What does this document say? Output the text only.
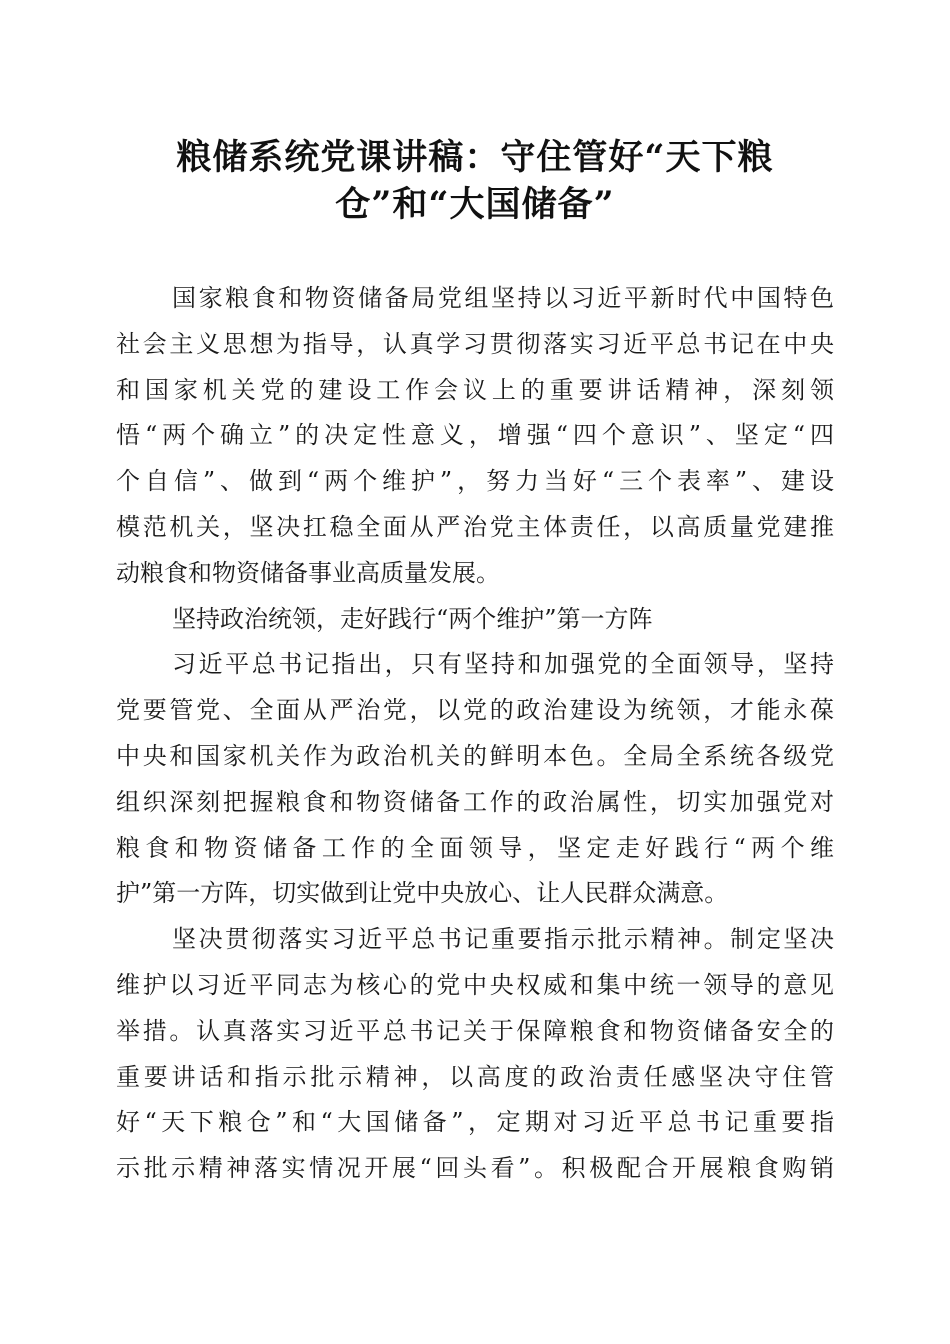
粮储系统党课讲稿：守住管好“天下粮
仓”和“大国储备”

国家粮食和物资储备局党组坚持以习近平新时代中国特色
社会主义思想为指导，认真学习贯彻落实习近平总书记在中央
和国家机关党的建设工作会议上的重要讲话精神，深刻领
悟“两个确立”的决定性意义，增强“四个意识”、坚定“四
个自信”、做到“两个维护”，努力当好“三个表率”、建设
模范机关，坚决扛稳全面从严治党主体责任，以高质量党建推
动粮食和物资储备事业高质量发展。

坚持政治统领，走好践行“两个维护”第一方阵

习近平总书记指出，只有坚持和加强党的全面领导，坚持
党要管党、全面从严治党，以党的政治建设为统领，才能永葆
中央和国家机关作为政治机关的鲜明本色。全局全系统各级党
组织深刻把握粮食和物资储备工作的政治属性，切实加强党对
粮食和物资储备工作的全面领导，坚定走好践行“两个维
护”第一方阵，切实做到让党中央放心、让人民群众满意。

坚决贯彻落实习近平总书记重要指示批示精神。制定坚决
维护以习近平同志为核心的党中央权威和集中统一领导的意见
举措。认真落实习近平总书记关于保障粮食和物资储备安全的
重要讲话和指示批示精神，以高度的政治责任感坚决守住管
好“天下粮仓”和“大国储备”，定期对习近平总书记重要指
示批示精神落实情况开展“回头看”。积极配合开展粮食购销
